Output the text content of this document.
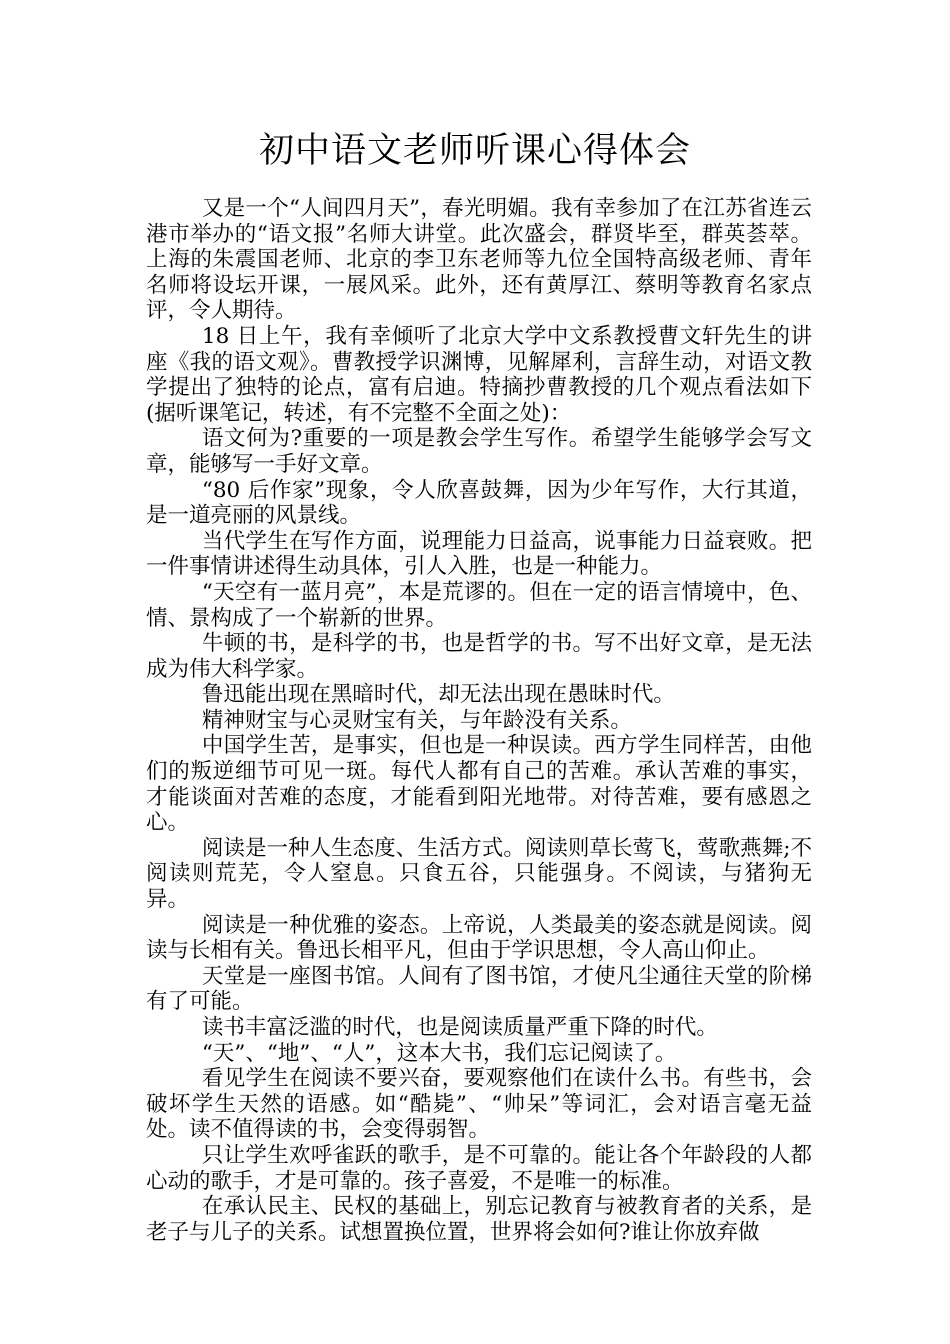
初中语文老师听课心得体会

又是一个“人间四月天”，春光明媚。我有幸参加了在江苏省连云港市举办的“语文报”名师大讲堂。此次盛会，群贤毕至，群英荟萃。上海的朱震国老师、北京的李卫东老师等九位全国特高级老师、青年名师将设坛开课，一展风采。此外，还有黄厚江、蔡明等教育名家点评，令人期待。

18 日上午，我有幸倾听了北京大学中文系教授曹文轩先生的讲座《我的语文观》。曹教授学识渊博，见解犀利，言辞生动，对语文教学提出了独特的论点，富有启迪。特摘抄曹教授的几个观点看法如下(据听课笔记，转述，有不完整不全面之处)：

语文何为?重要的一项是教会学生写作。希望学生能够学会写文章，能够写一手好文章。

“80 后作家”现象，令人欣喜鼓舞，因为少年写作，大行其道，是一道亮丽的风景线。

当代学生在写作方面，说理能力日益高，说事能力日益衰败。把一件事情讲述得生动具体，引人入胜，也是一种能力。

“天空有一蓝月亮”，本是荒谬的。但在一定的语言情境中，色、情、景构成了一个崭新的世界。

牛顿的书，是科学的书，也是哲学的书。写不出好文章，是无法成为伟大科学家。

鲁迅能出现在黑暗时代，却无法出现在愚昧时代。

精神财宝与心灵财宝有关，与年龄没有关系。

中国学生苦，是事实，但也是一种误读。西方学生同样苦，由他们的叛逆细节可见一斑。每代人都有自己的苦难。承认苦难的事实，才能谈面对苦难的态度，才能看到阳光地带。对待苦难，要有感恩之心。

阅读是一种人生态度、生活方式。阅读则草长莺飞，莺歌燕舞;不阅读则荒芜，令人窒息。只食五谷，只能强身。不阅读，与猪狗无异。

阅读是一种优雅的姿态。上帝说，人类最美的姿态就是阅读。阅读与长相有关。鲁迅长相平凡，但由于学识思想，令人高山仰止。

天堂是一座图书馆。人间有了图书馆，才使凡尘通往天堂的阶梯有了可能。

读书丰富泛滥的时代，也是阅读质量严重下降的时代。

“天”、“地”、“人”，这本大书，我们忘记阅读了。

看见学生在阅读不要兴奋，要观察他们在读什么书。有些书，会破坏学生天然的语感。如“酷毙”、“帅呆”等词汇，会对语言毫无益处。读不值得读的书，会变得弱智。

只让学生欢呼雀跃的歌手，是不可靠的。能让各个年龄段的人都心动的歌手，才是可靠的。孩子喜爱，不是唯一的标准。

在承认民主、民权的基础上，别忘记教育与被教育者的关系，是老子与儿子的关系。试想置换位置，世界将会如何?谁让你放弃做
